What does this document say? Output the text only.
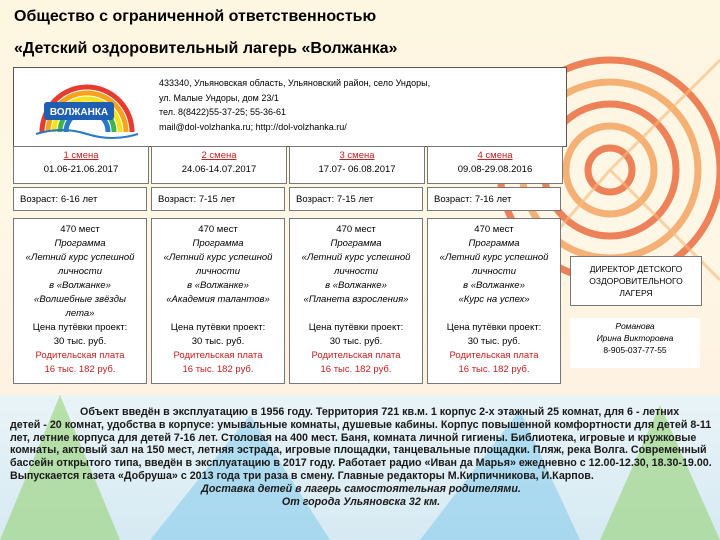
Общество с ограниченной ответственностью
«Детский оздоровительный лагерь «Волжанка»
ВОЛЖАНКА
433340, Ульяновская область, Ульяновский район, село Ундоры,
ул. Малые Ундоры, дом 23/1
тел. 8(8422)55-37-25; 55-36-61
mail@dol-volzhanka.ru; http://dol-volzhanka.ru/
1 смена
01.06-21.06.2017
2 смена
24.06-14.07.2017
3 смена
17.07- 06.08.2017
4 смена
09.08-29.08.2016
Возраст: 6-16 лет	Возраст: 7-15 лет	Возраст: 7-15 лет	Возраст: 7-16 лет
470 мест
Программа
«Летний курс успешной
личности
в «Волжанке»
«Волшебные звёзды
лета»
Цена путёвки проект:
30 тыс. руб.
Родительская плата
16 тыс. 182 руб.
470 мест
Программа
«Летний курс успешной
личности
в «Волжанке»
«Академия талантов»
Цена путёвки проект:
30 тыс. руб.
Родительская плата
16 тыс. 182 руб.
470 мест
Программа
«Летний курс успешной
личности
в «Волжанке»
«Планета взросления»
Цена путёвки проект:
30 тыс. руб.
Родительская плата
16 тыс. 182 руб.
470 мест
Программа
«Летний курс успешной
личности
в «Волжанке»
«Курс на успех»
Цена путёвки проект:
30 тыс. руб.
Родительская плата
16 тыс. 182 руб.
ДИРЕКТОР ДЕТСКОГО
ОЗДОРОВИТЕЛЬНОГО
ЛАГЕРЯ
Романова
Ирина Викторовна
8-905-037-77-55

Объект введён в эксплуатацию в 1956 году. Территория 721 кв.м. 1 корпус 2-х этажный 25 комнат, для 6 - летних детей - 20 комнат, удобства в корпусе: умывальные комнаты, душевые кабины. Корпус повышенной комфортности для детей 8-11 лет, летние корпуса для детей 7-16 лет. Столовая на 400 мест. Баня, комната личной гигиены. Библиотека, игровые и кружковые комнаты, актовый зал на 150 мест, летняя эстрада, игровые площадки, танцевальные площадки. Пляж, река Волга. Современный бассейн открытого типа, введён в эксплуатацию в 2017 году. Работает радио «Иван да Марья» ежедневно с 12.00-12.30, 18.30-19.00. Выпускается газета «Добруша» с 2013 года три раза в смену. Главные редакторы М.Кирпичникова, И.Карпов.

Доставка детей в лагерь самостоятельная родителями.

От города Ульяновска 32 км.
